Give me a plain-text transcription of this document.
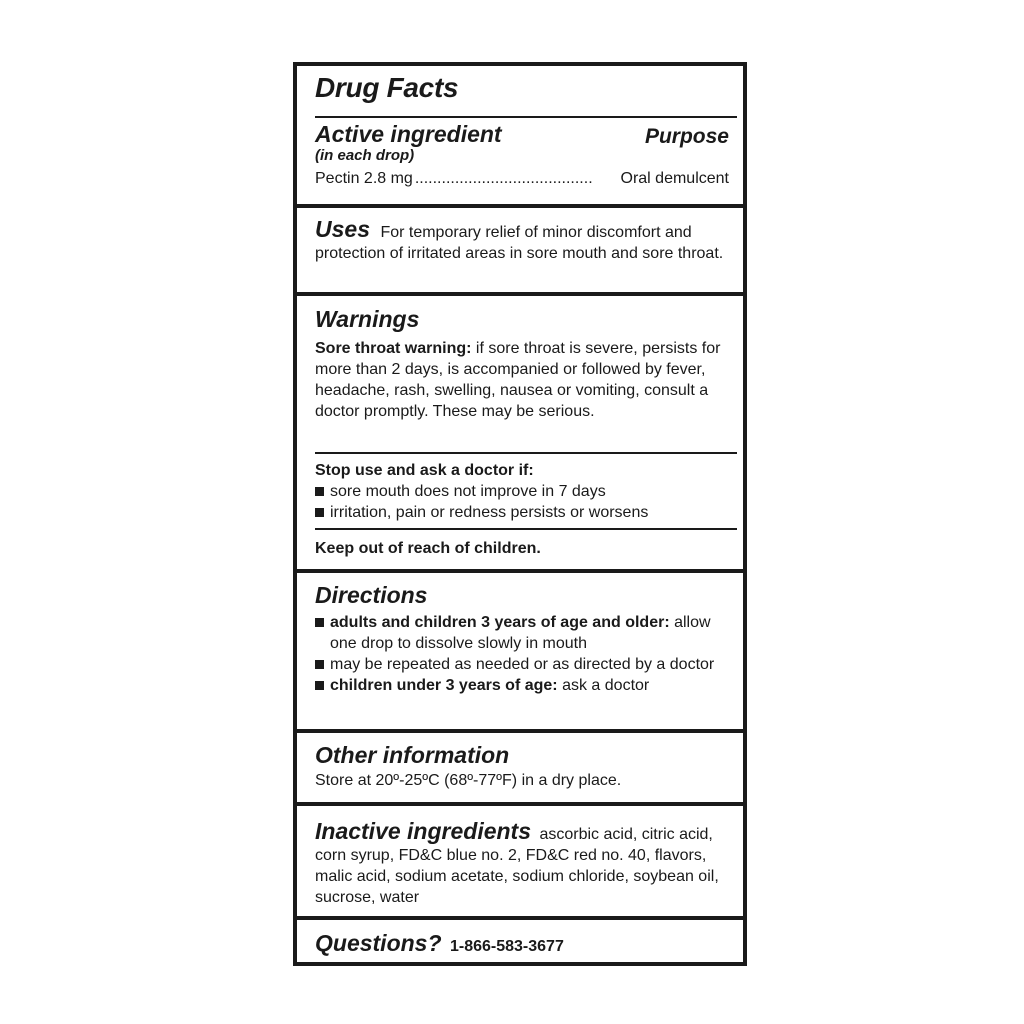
Drug Facts
Active ingredient
(in each drop)
Purpose
Pectin 2.8 mg ........................................	Oral demulcent
Uses For temporary relief of minor discomfort and protection of irritated areas in sore mouth and sore throat.
Warnings
Sore throat warning: if sore throat is severe, persists for more than 2 days, is accompanied or followed by fever, headache, rash, swelling, nausea or vomiting, consult a doctor promptly. These may be serious.
Stop use and ask a doctor if:
sore mouth does not improve in 7 days
irritation, pain or redness persists or worsens
Keep out of reach of children.
Directions
adults and children 3 years of age and older: allow one drop to dissolve slowly in mouth
may be repeated as needed or as directed by a doctor
children under 3 years of age: ask a doctor
Other information
Store at 20º-25ºC (68º-77ºF) in a dry place.
Inactive ingredients ascorbic acid, citric acid, corn syrup, FD&C blue no. 2, FD&C red no. 40, flavors, malic acid, sodium acetate, sodium chloride, soybean oil, sucrose, water
Questions? 1-866-583-3677
